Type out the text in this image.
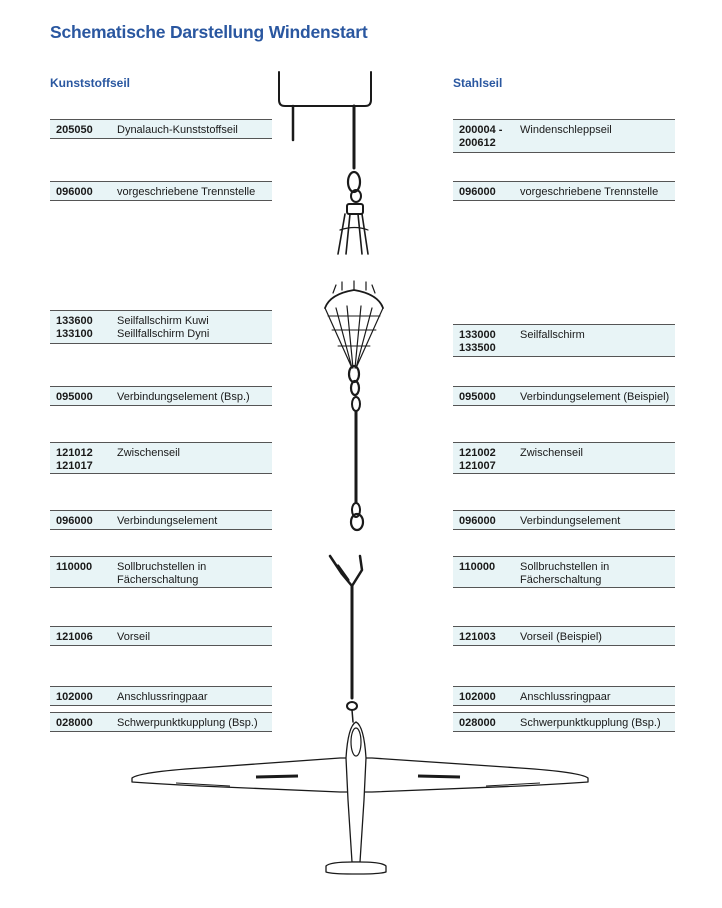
Schematische Darstellung Windenstart
Kunststoffseil	Stahlseil
205050 Dynalauch-Kunststoffseil
096000 vorgeschriebene Trennstelle
133600
133100
Seilfallschirm Kuwi
Seillfallschirm Dyni
095000 Verbindungselement (Bsp.)
121012
121017
Zwischenseil
096000 Verbindungselement
110000 Sollbruchstellen in
Fächerschaltung
121006 Vorseil
102000 Anschlussringpaar
028000 Schwerpunktkupplung (Bsp.)
200004 -
200612
Windenschleppseil
096000 vorgeschriebene Trennstelle
133000
133500
Seilfallschirm
095000 Verbindungselement (Beispiel)
121002
121007
Zwischenseil
096000 Verbindungselement
110000 Sollbruchstellen in
Fächerschaltung
121003 Vorseil (Beispiel)
102000 Anschlussringpaar
028000 Schwerpunktkupplung (Bsp.)
